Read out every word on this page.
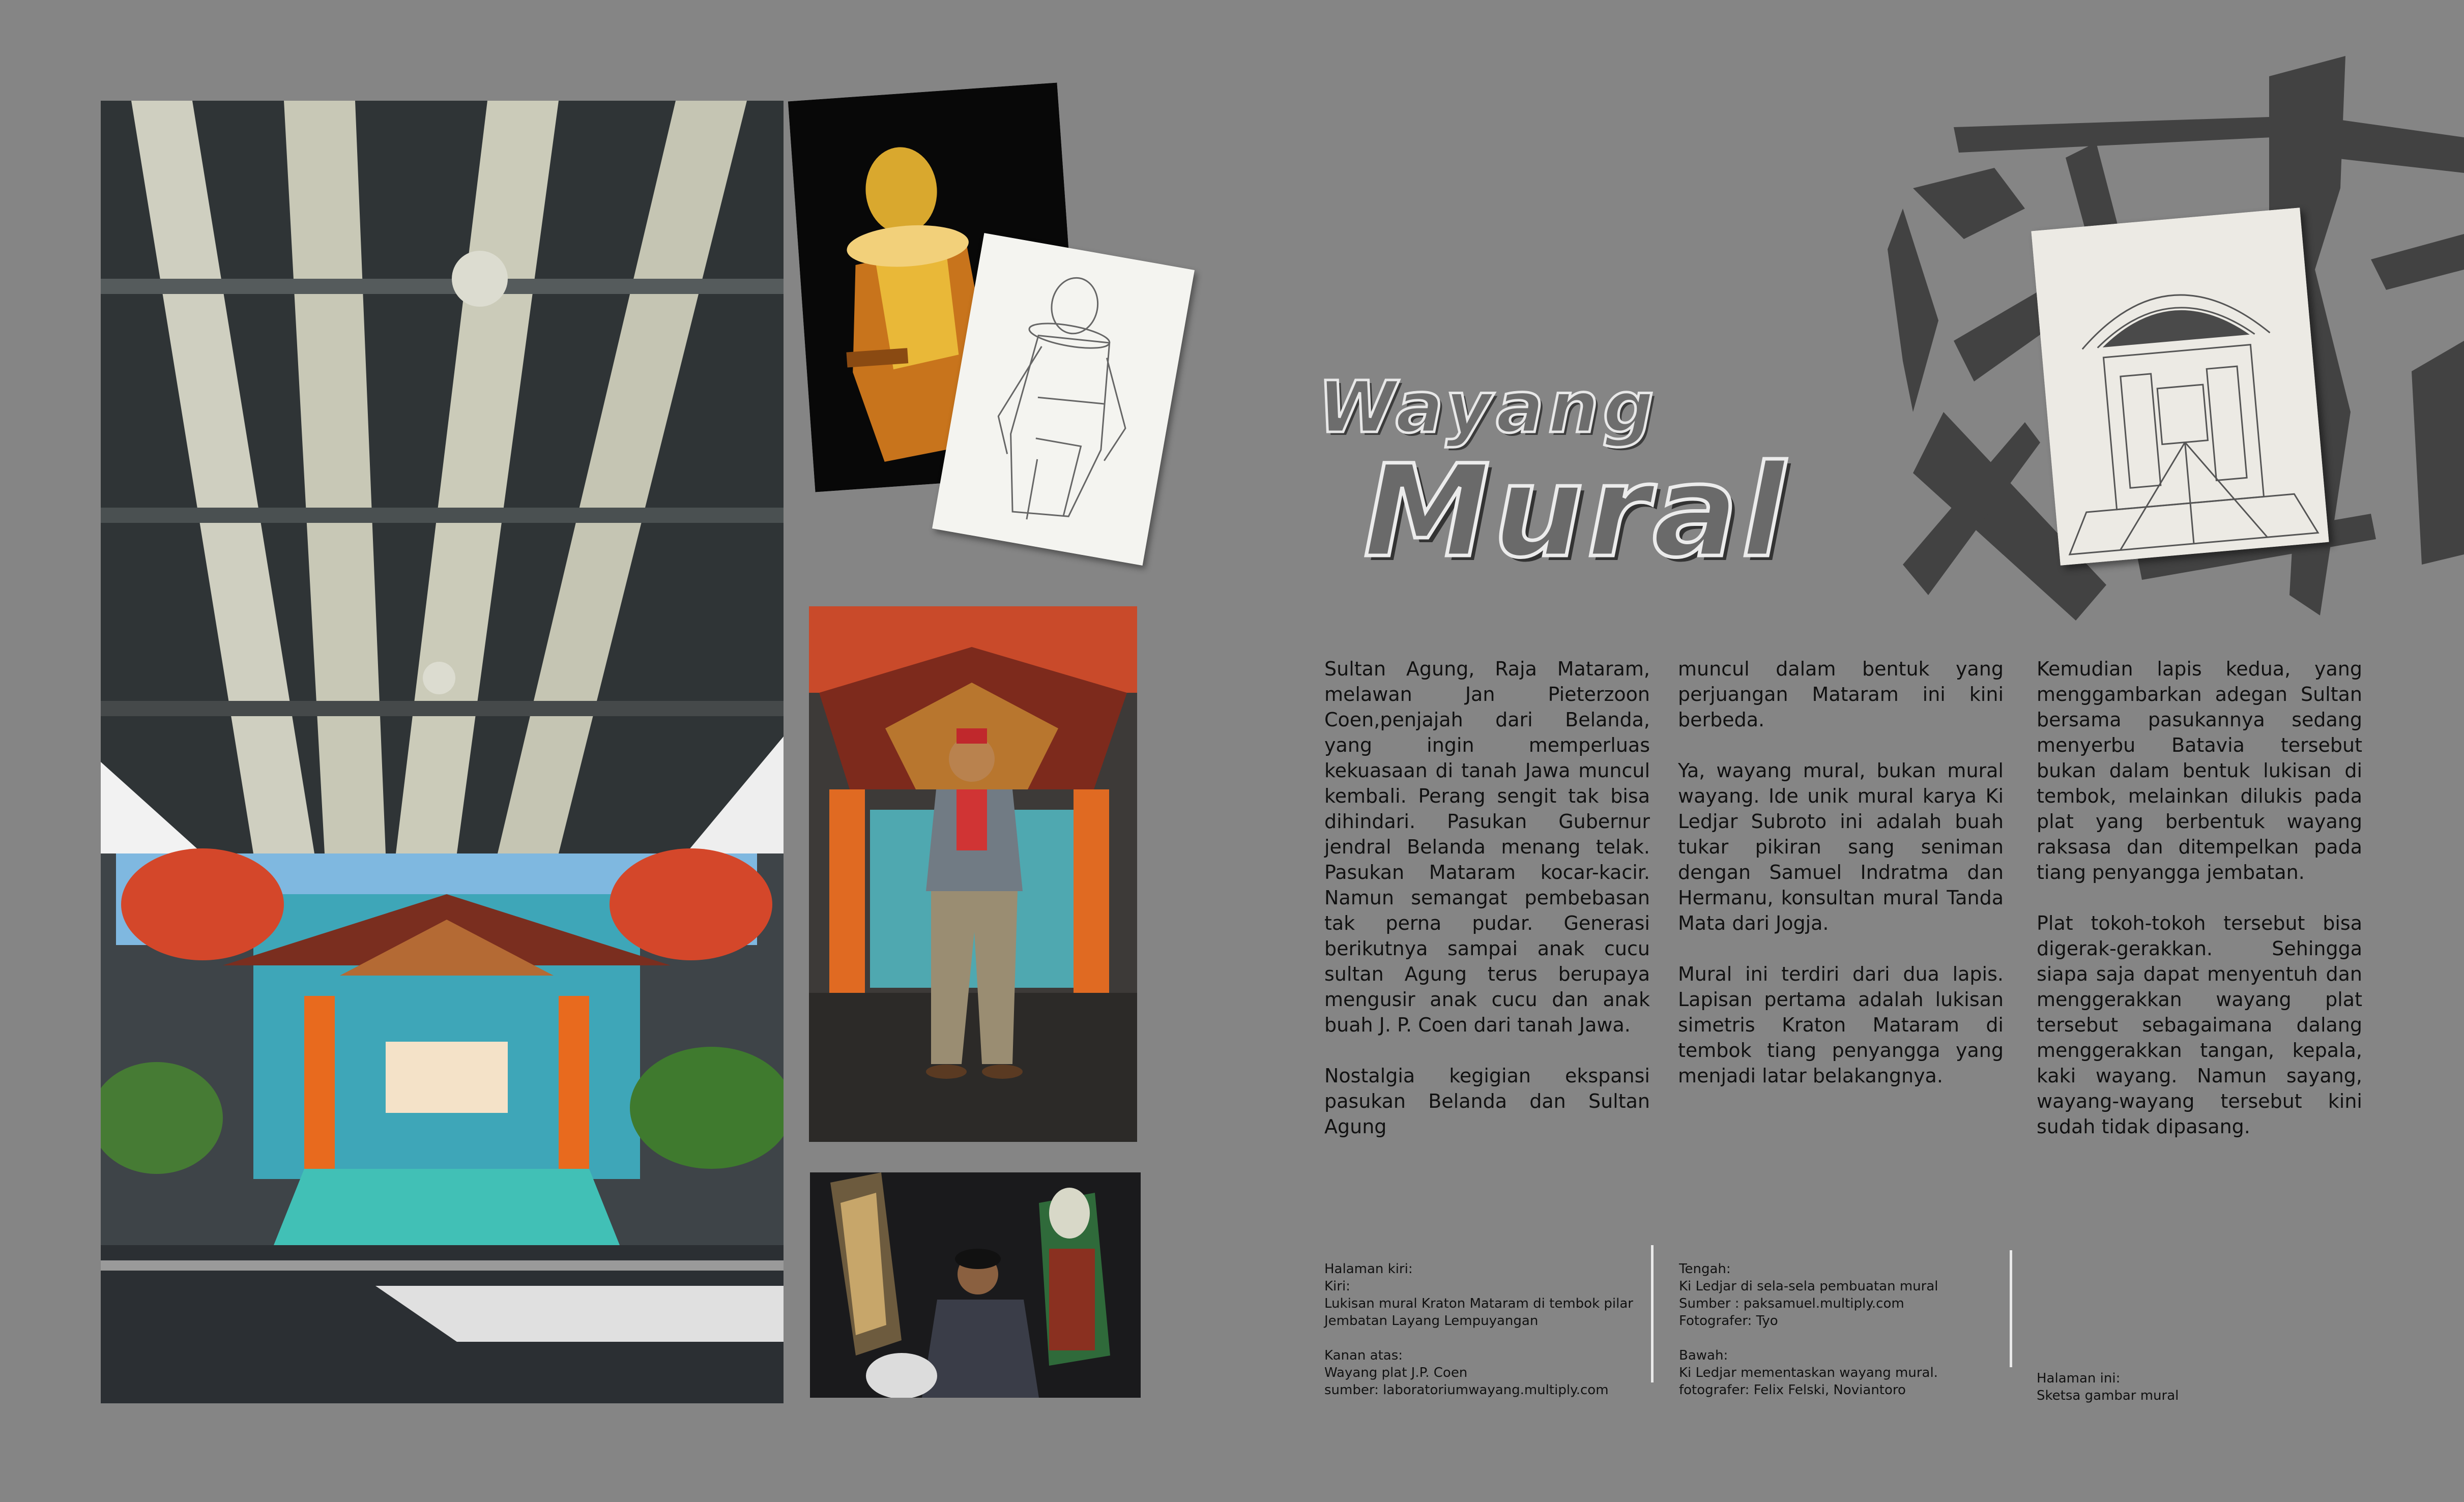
Wayang
Mural

Sultan Agung, Raja Mataram, melawan Jan Pieterzoon Coen,penjajah dari Belanda, yang ingin memperluas kekuasaan di tanah Jawa muncul kembali. Perang sengit tak bisa dihindari. Pasukan Gubernur jendral Belanda menang telak. Pasukan Mataram kocar-kacir. Namun semangat pembebasan tak perna pudar. Generasi berikutnya sampai anak cucu sultan Agung terus berupaya mengusir anak cucu dan anak buah J. P. Coen dari tanah Jawa.

Nostalgia kegigian ekspansi pasukan Belanda dan Sultan Agung

muncul dalam bentuk yang perjuangan Mataram ini kini berbeda.

Ya, wayang mural, bukan mural wayang. Ide unik mural karya Ki Ledjar Subroto ini adalah buah tukar pikiran sang seniman dengan Samuel Indratma dan Hermanu, konsultan mural Tanda Mata dari Jogja.

Mural ini terdiri dari dua lapis. Lapisan pertama adalah lukisan simetris Kraton Mataram di tembok tiang penyangga yang menjadi latar belakangnya.

Kemudian lapis kedua, yang menggambarkan adegan Sultan bersama pasukannya sedang menyerbu Batavia tersebut bukan dalam bentuk lukisan di tembok, melainkan dilukis pada plat yang berbentuk wayang raksasa dan ditempelkan pada tiang penyangga jembatan.

Plat tokoh-tokoh tersebut bisa digerak-gerakkan. Sehingga siapa saja dapat menyentuh dan menggerakkan wayang plat tersebut sebagaimana dalang menggerakkan tangan, kepala, kaki wayang. Namun sayang, wayang-wayang tersebut kini sudah tidak dipasang.

Halaman kiri:
Kiri:
Lukisan mural Kraton Mataram di tembok pilar
Jembatan Layang Lempuyangan

Kanan atas:
Wayang plat J.P. Coen
sumber: laboratoriumwayang.multiply.com

Tengah:
Ki Ledjar di sela-sela pembuatan mural
Sumber : paksamuel.multiply.com
Fotografer: Tyo

Bawah:
Ki Ledjar mementaskan wayang mural.
fotografer: Felix Felski, Noviantoro

Halaman ini:
Sketsa gambar mural
